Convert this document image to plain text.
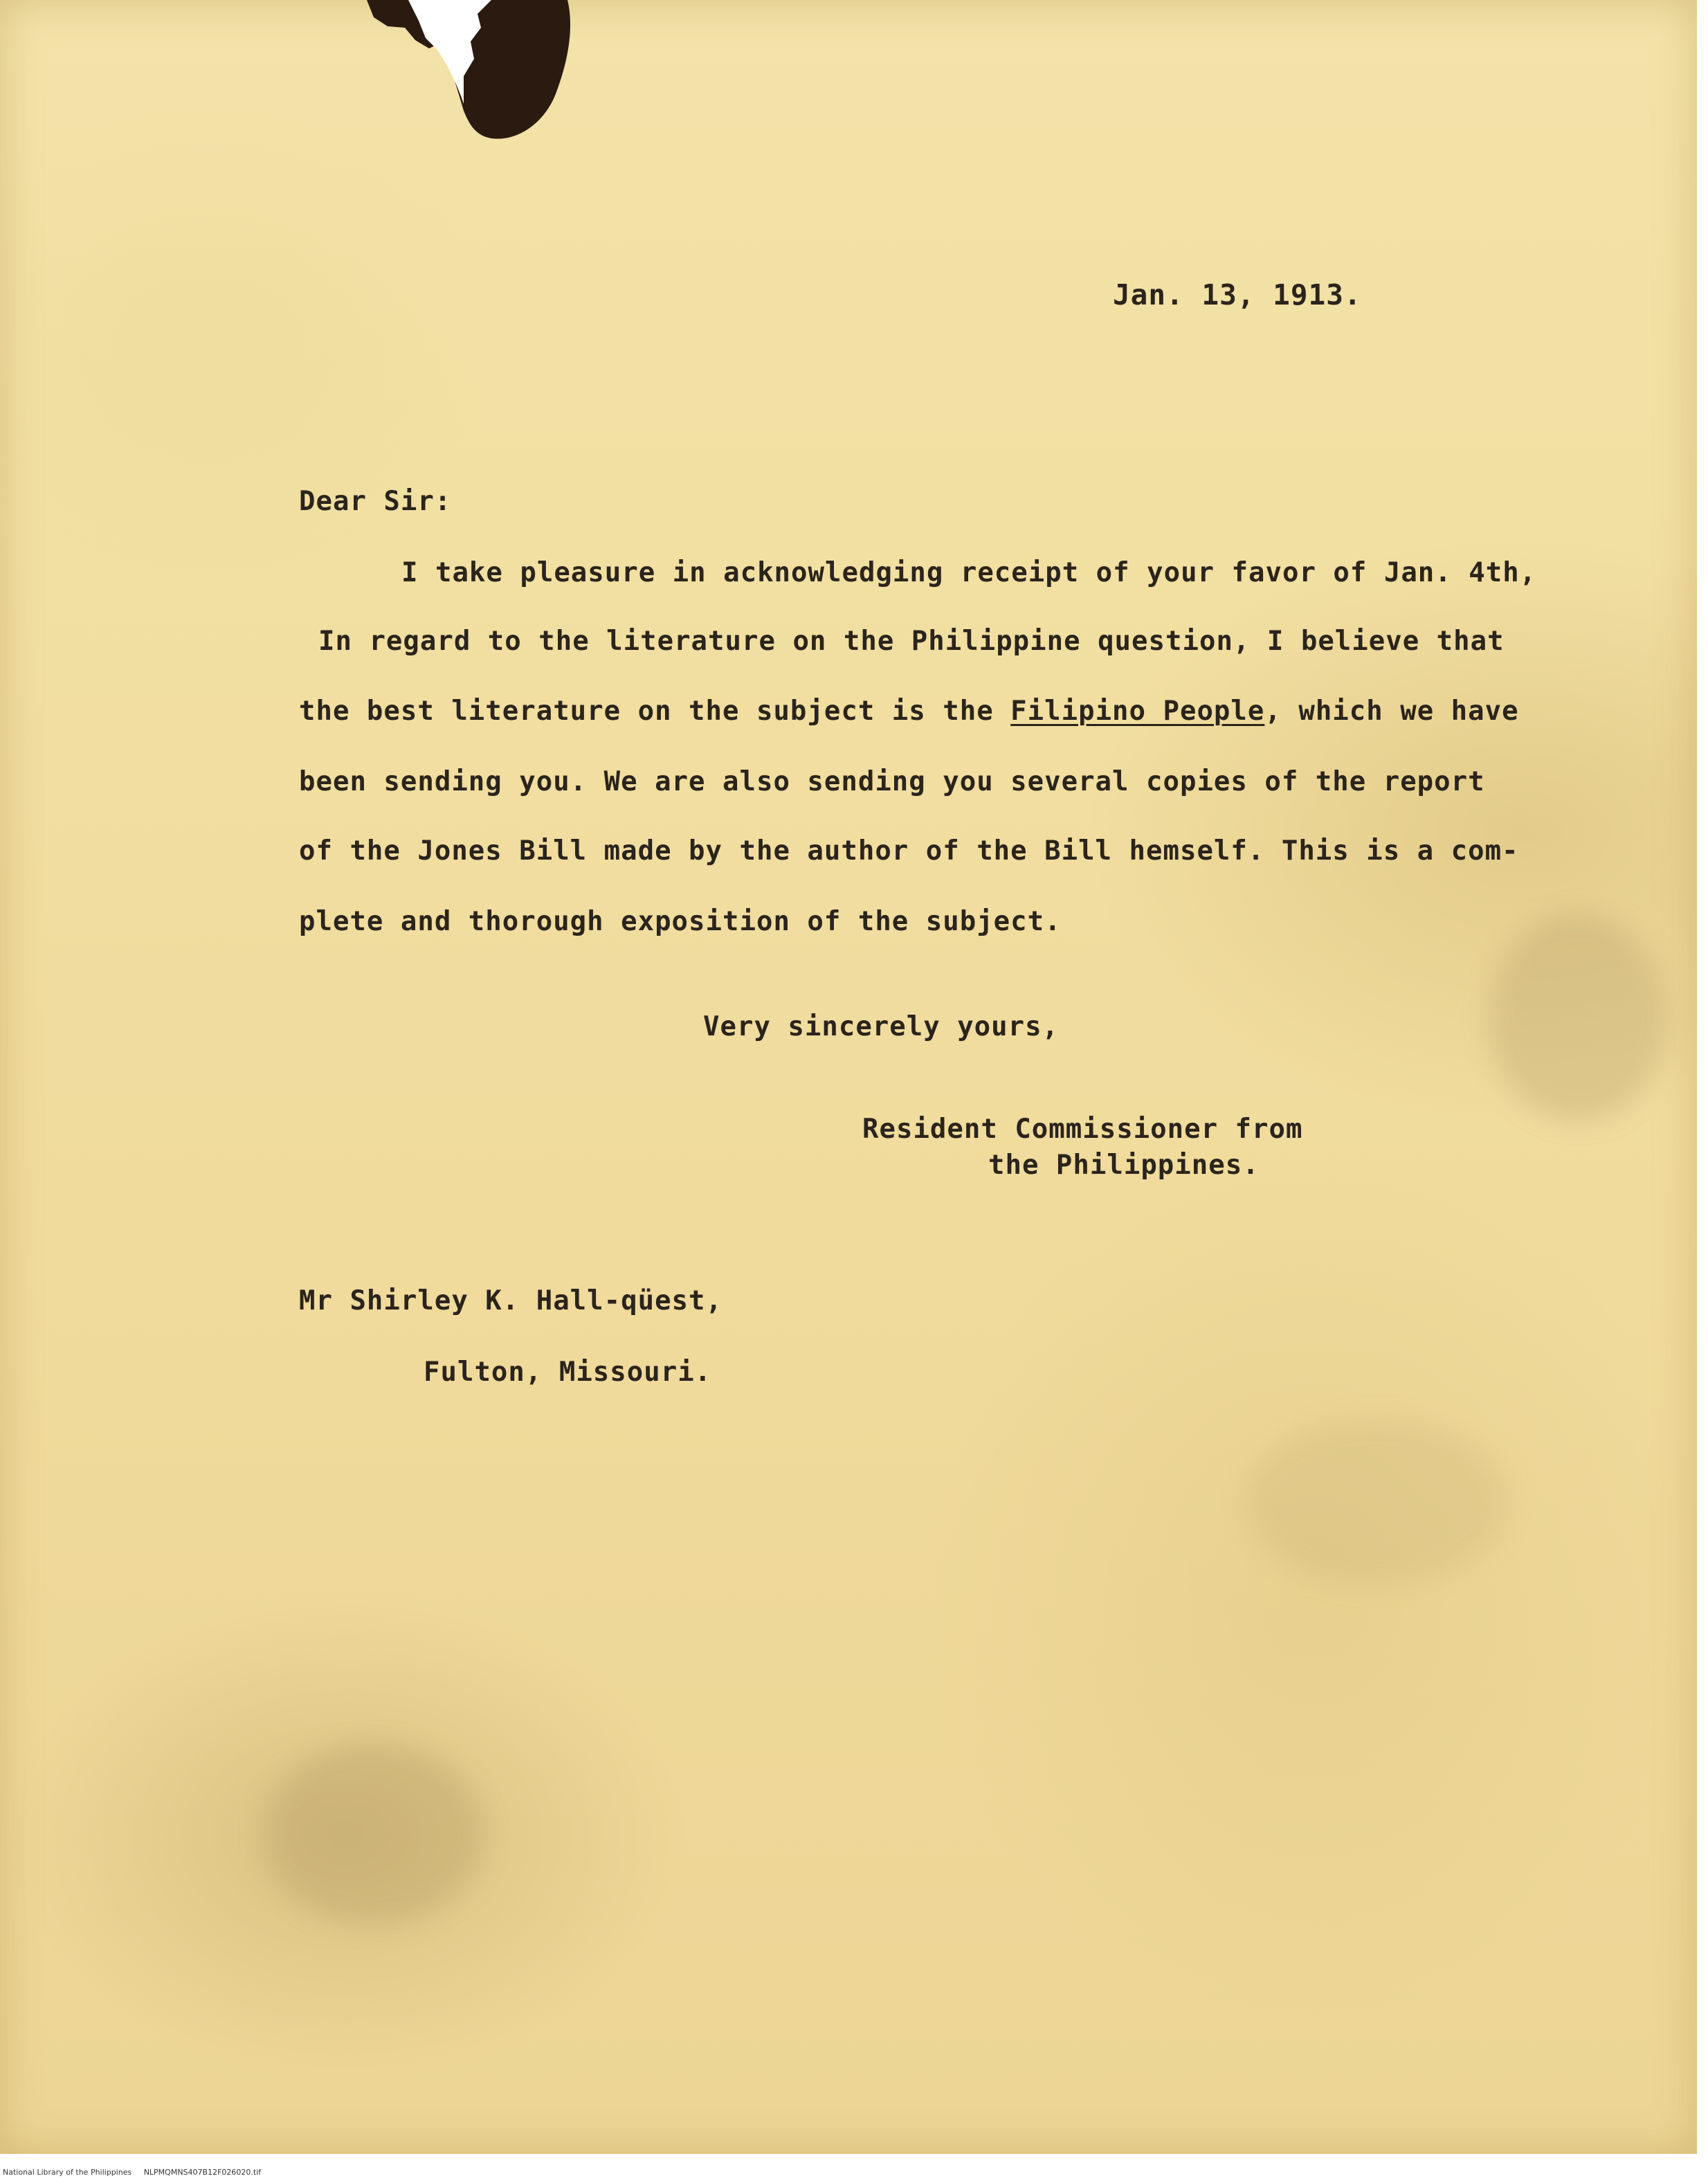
Jan. 13, 1913.
Dear Sir:
I take pleasure in acknowledging receipt of your favor of Jan. 4th,
In regard to the literature on the Philippine question, I believe that
the best literature on the subject is the Filipino People, which we have
been sending you. We are also sending you several copies of the report
of the Jones Bill made by the author of the Bill hemself. This is a com-
plete and thorough exposition of the subject.
Very sincerely yours,
Resident Commissioner from
the Philippines.
Mr Shirley K. Hall-qüest,
Fulton, Missouri.
National Library of the Philippines     NLPMQMNS407B12F026020.tif
